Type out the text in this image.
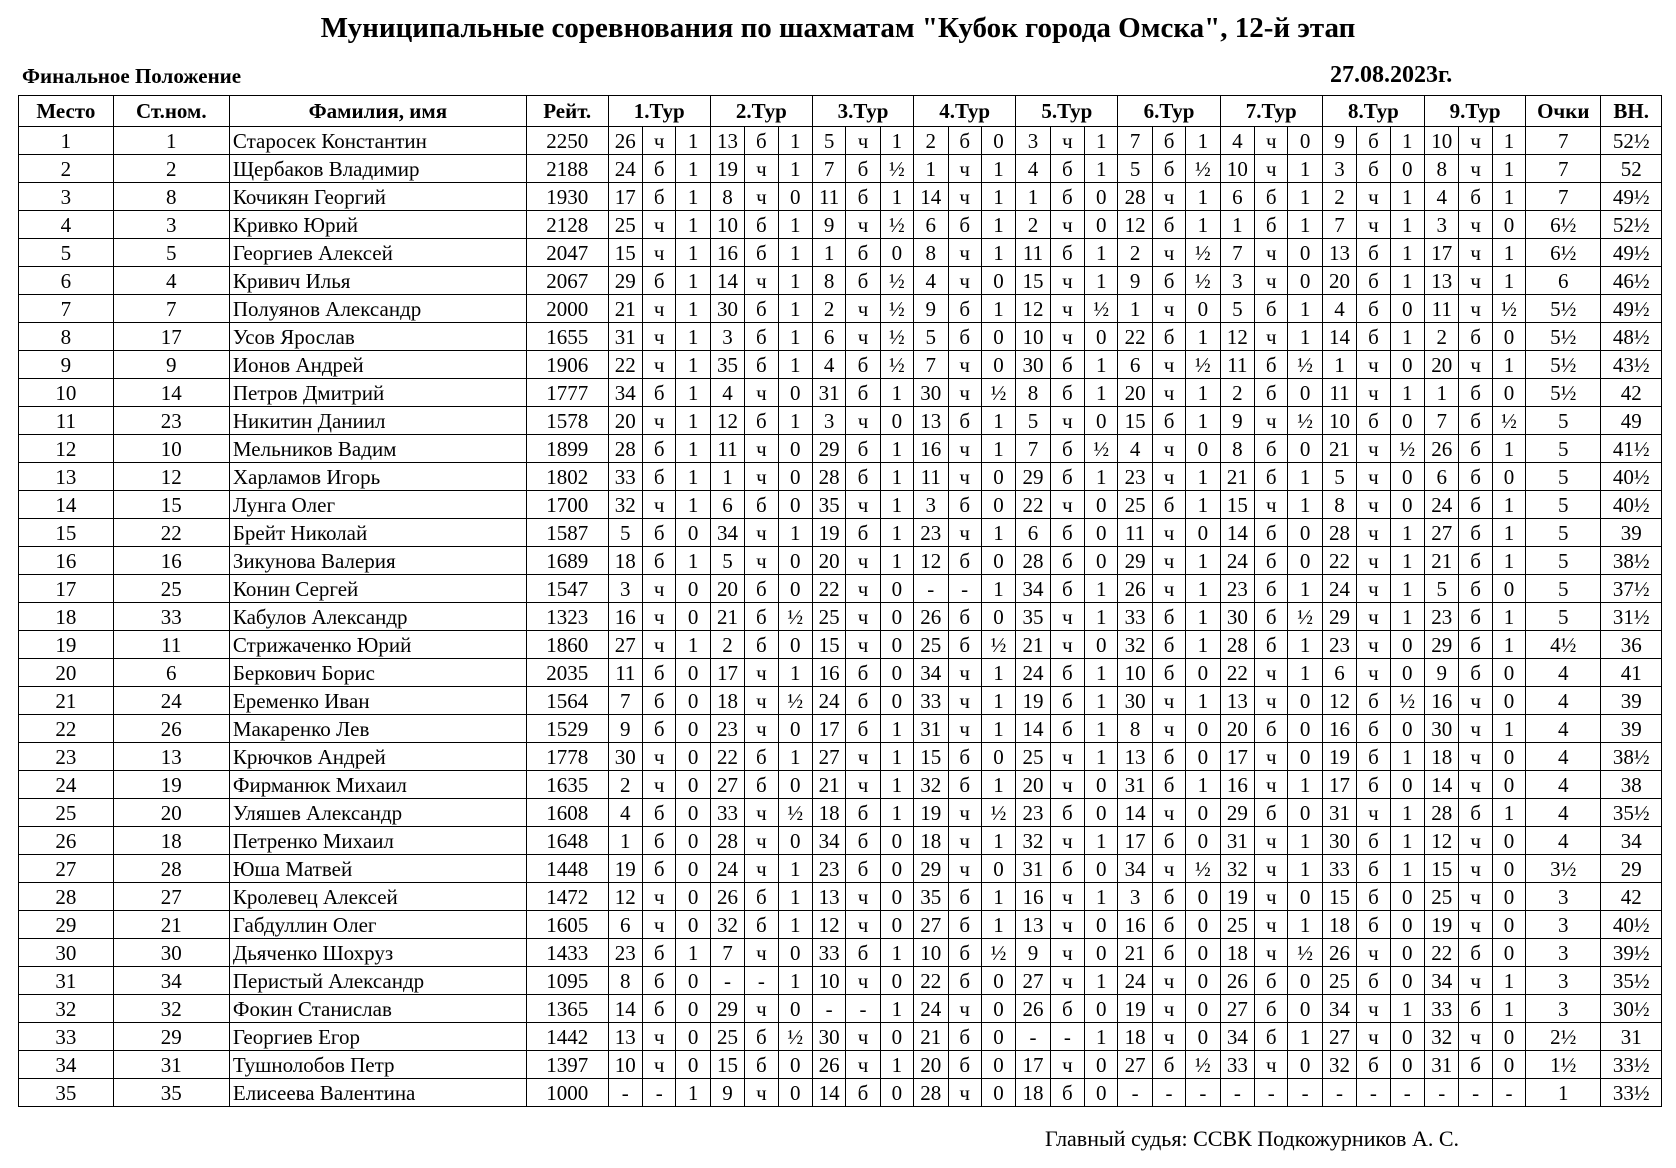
Муниципальные соревнования по шахматам "Кубок города Омска", 12-й этап
Финальное Положение	27.08.2023г.
Место	Ст.ном.	Фамилия, имя	Рейт.	1.Тур			2.Тур			3.Тур			4.Тур			5.Тур			6.Тур			7.Тур			8.Тур			9.Тур			Очки	ВН.
1	1	Старосек Константин	2250	26	ч	1	13	б	1	5	ч	1	2	б	0	3	ч	1	7	б	1	4	ч	0	9	б	1	10	ч	1	7	52½
2	2	Щербаков Владимир	2188	24	б	1	19	ч	1	7	б	½	1	ч	1	4	б	1	5	б	½	10	ч	1	3	б	0	8	ч	1	7	52
3	8	Кочикян Георгий	1930	17	б	1	8	ч	0	11	б	1	14	ч	1	1	б	0	28	ч	1	6	б	1	2	ч	1	4	б	1	7	49½
4	3	Кривко Юрий	2128	25	ч	1	10	б	1	9	ч	½	6	б	1	2	ч	0	12	б	1	1	б	1	7	ч	1	3	ч	0	6½	52½
5	5	Георгиев Алексей	2047	15	ч	1	16	б	1	1	б	0	8	ч	1	11	б	1	2	ч	½	7	ч	0	13	б	1	17	ч	1	6½	49½
6	4	Кривич Илья	2067	29	б	1	14	ч	1	8	б	½	4	ч	0	15	ч	1	9	б	½	3	ч	0	20	б	1	13	ч	1	6	46½
7	7	Полуянов Александр	2000	21	ч	1	30	б	1	2	ч	½	9	б	1	12	ч	½	1	ч	0	5	б	1	4	б	0	11	ч	½	5½	49½
8	17	Усов Ярослав	1655	31	ч	1	3	б	1	6	ч	½	5	б	0	10	ч	0	22	б	1	12	ч	1	14	б	1	2	б	0	5½	48½
9	9	Ионов Андрей	1906	22	ч	1	35	б	1	4	б	½	7	ч	0	30	б	1	6	ч	½	11	б	½	1	ч	0	20	ч	1	5½	43½
10	14	Петров Дмитрий	1777	34	б	1	4	ч	0	31	б	1	30	ч	½	8	б	1	20	ч	1	2	б	0	11	ч	1	1	б	0	5½	42
11	23	Никитин Даниил	1578	20	ч	1	12	б	1	3	ч	0	13	б	1	5	ч	0	15	б	1	9	ч	½	10	б	0	7	б	½	5	49
12	10	Мельников Вадим	1899	28	б	1	11	ч	0	29	б	1	16	ч	1	7	б	½	4	ч	0	8	б	0	21	ч	½	26	б	1	5	41½
13	12	Харламов Игорь	1802	33	б	1	1	ч	0	28	б	1	11	ч	0	29	б	1	23	ч	1	21	б	1	5	ч	0	6	б	0	5	40½
14	15	Лунга Олег	1700	32	ч	1	6	б	0	35	ч	1	3	б	0	22	ч	0	25	б	1	15	ч	1	8	ч	0	24	б	1	5	40½
15	22	Брейт Николай	1587	5	б	0	34	ч	1	19	б	1	23	ч	1	6	б	0	11	ч	0	14	б	0	28	ч	1	27	б	1	5	39
16	16	Зикунова Валерия	1689	18	б	1	5	ч	0	20	ч	1	12	б	0	28	б	0	29	ч	1	24	б	0	22	ч	1	21	б	1	5	38½
17	25	Конин Сергей	1547	3	ч	0	20	б	0	22	ч	0	-	-	1	34	б	1	26	ч	1	23	б	1	24	ч	1	5	б	0	5	37½
18	33	Кабулов Александр	1323	16	ч	0	21	б	½	25	ч	0	26	б	0	35	ч	1	33	б	1	30	б	½	29	ч	1	23	б	1	5	31½
19	11	Стрижаченко Юрий	1860	27	ч	1	2	б	0	15	ч	0	25	б	½	21	ч	0	32	б	1	28	б	1	23	ч	0	29	б	1	4½	36
20	6	Беркович Борис	2035	11	б	0	17	ч	1	16	б	0	34	ч	1	24	б	1	10	б	0	22	ч	1	6	ч	0	9	б	0	4	41
21	24	Еременко Иван	1564	7	б	0	18	ч	½	24	б	0	33	ч	1	19	б	1	30	ч	1	13	ч	0	12	б	½	16	ч	0	4	39
22	26	Макаренко Лев	1529	9	б	0	23	ч	0	17	б	1	31	ч	1	14	б	1	8	ч	0	20	б	0	16	б	0	30	ч	1	4	39
23	13	Крючков Андрей	1778	30	ч	0	22	б	1	27	ч	1	15	б	0	25	ч	1	13	б	0	17	ч	0	19	б	1	18	ч	0	4	38½
24	19	Фирманюк Михаил	1635	2	ч	0	27	б	0	21	ч	1	32	б	1	20	ч	0	31	б	1	16	ч	1	17	б	0	14	ч	0	4	38
25	20	Уляшев Александр	1608	4	б	0	33	ч	½	18	б	1	19	ч	½	23	б	0	14	ч	0	29	б	0	31	ч	1	28	б	1	4	35½
26	18	Петренко Михаил	1648	1	б	0	28	ч	0	34	б	0	18	ч	1	32	ч	1	17	б	0	31	ч	1	30	б	1	12	ч	0	4	34
27	28	Юша Матвей	1448	19	б	0	24	ч	1	23	б	0	29	ч	0	31	б	0	34	ч	½	32	ч	1	33	б	1	15	ч	0	3½	29
28	27	Кролевец Алексей	1472	12	ч	0	26	б	1	13	ч	0	35	б	1	16	ч	1	3	б	0	19	ч	0	15	б	0	25	ч	0	3	42
29	21	Габдуллин Олег	1605	6	ч	0	32	б	1	12	ч	0	27	б	1	13	ч	0	16	б	0	25	ч	1	18	б	0	19	ч	0	3	40½
30	30	Дьяченко Шохруз	1433	23	б	1	7	ч	0	33	б	1	10	б	½	9	ч	0	21	б	0	18	ч	½	26	ч	0	22	б	0	3	39½
31	34	Перистый Александр	1095	8	б	0	-	-	1	10	ч	0	22	б	0	27	ч	1	24	ч	0	26	б	0	25	б	0	34	ч	1	3	35½
32	32	Фокин Станислав	1365	14	б	0	29	ч	0	-	-	1	24	ч	0	26	б	0	19	ч	0	27	б	0	34	ч	1	33	б	1	3	30½
33	29	Георгиев Егор	1442	13	ч	0	25	б	½	30	ч	0	21	б	0	-	-	1	18	ч	0	34	б	1	27	ч	0	32	ч	0	2½	31
34	31	Тушнолобов Петр	1397	10	ч	0	15	б	0	26	ч	1	20	б	0	17	ч	0	27	б	½	33	ч	0	32	б	0	31	б	0	1½	33½
35	35	Елисеева Валентина	1000	-	-	1	9	ч	0	14	б	0	28	ч	0	18	б	0	-	-	-	-	-	-	-	-	-	-	-	-	1	33½
Главный судья: ССВК Подкожурников А. С.
